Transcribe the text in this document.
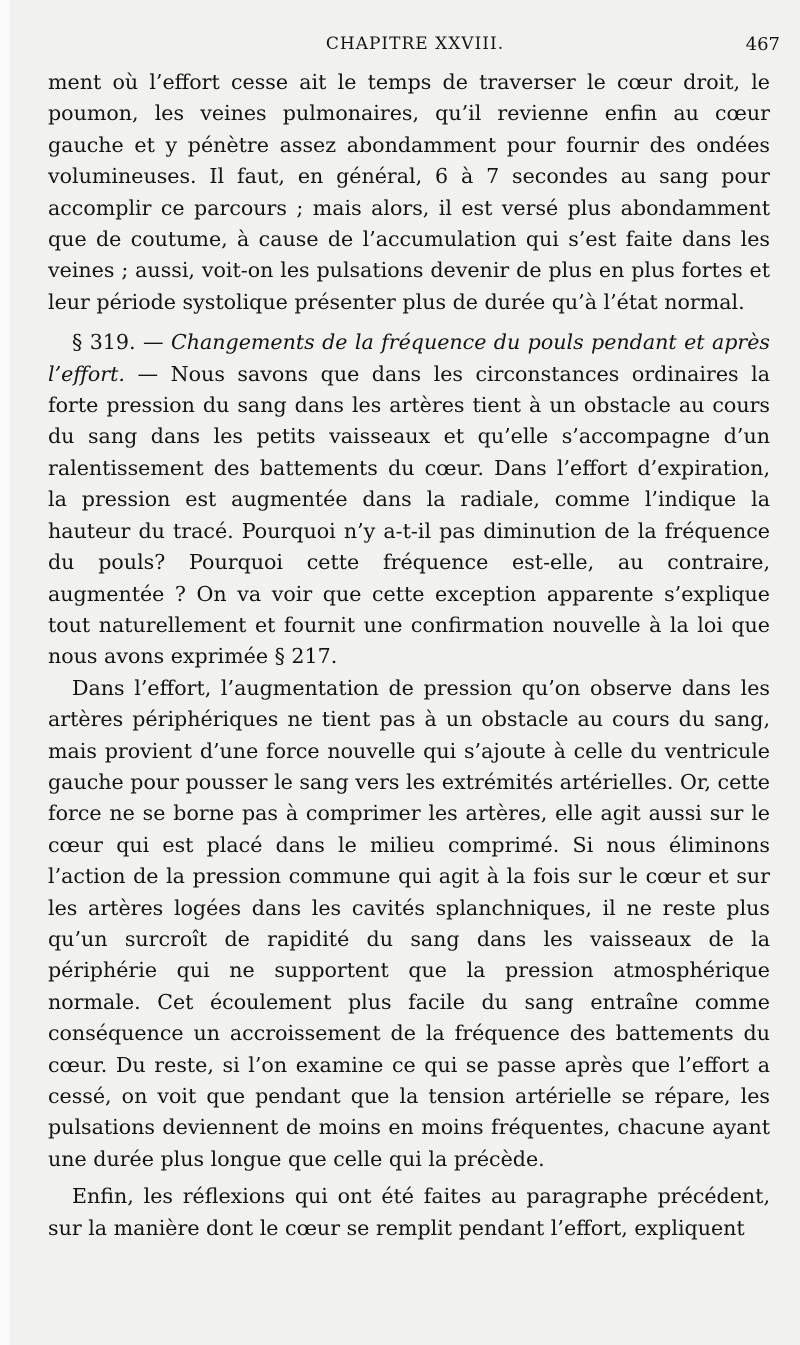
CHAPITRE XXVIII.	467

ment où l’effort cesse ait le temps de traverser le cœur droit, le poumon, les veines pulmonaires, qu’il revienne enfin au cœur gauche et y pénètre assez abondamment pour fournir des ondées volumineuses. Il faut, en général, 6 à 7 secondes au sang pour accomplir ce parcours ; mais alors, il est versé plus abondamment que de coutume, à cause de l’accumulation qui s’est faite dans les veines ; aussi, voit-on les pulsations devenir de plus en plus fortes et leur période systolique présenter plus de durée qu’à l’état normal.

§ 319. — Changements de la fréquence du pouls pendant et après l’effort. — Nous savons que dans les circonstances ordinaires la forte pression du sang dans les artères tient à un obstacle au cours du sang dans les petits vaisseaux et qu’elle s’accompagne d’un ralentissement des battements du cœur. Dans l’effort d’expiration, la pression est augmentée dans la radiale, comme l’indique la hauteur du tracé. Pourquoi n’y a-t-il pas diminution de la fréquence du pouls? Pourquoi cette fréquence est-elle, au contraire, augmentée ? On va voir que cette exception apparente s’explique tout naturellement et fournit une confirmation nouvelle à la loi que nous avons exprimée § 217.

Dans l’effort, l’augmentation de pression qu’on observe dans les artères périphériques ne tient pas à un obstacle au cours du sang, mais provient d’une force nouvelle qui s’ajoute à celle du ventricule gauche pour pousser le sang vers les extrémités artérielles. Or, cette force ne se borne pas à comprimer les artères, elle agit aussi sur le cœur qui est placé dans le milieu comprimé. Si nous éliminons l’action de la pression commune qui agit à la fois sur le cœur et sur les artères logées dans les cavités splanchniques, il ne reste plus qu’un surcroît de rapidité du sang dans les vaisseaux de la périphérie qui ne supportent que la pression atmosphérique normale. Cet écoulement plus facile du sang entraîne comme conséquence un accroissement de la fréquence des battements du cœur. Du reste, si l’on examine ce qui se passe après que l’effort a cessé, on voit que pendant que la tension artérielle se répare, les pulsations deviennent de moins en moins fréquentes, chacune ayant une durée plus longue que celle qui la précède.

Enfin, les réflexions qui ont été faites au paragraphe précédent, sur la manière dont le cœur se remplit pendant l’effort, expliquent
